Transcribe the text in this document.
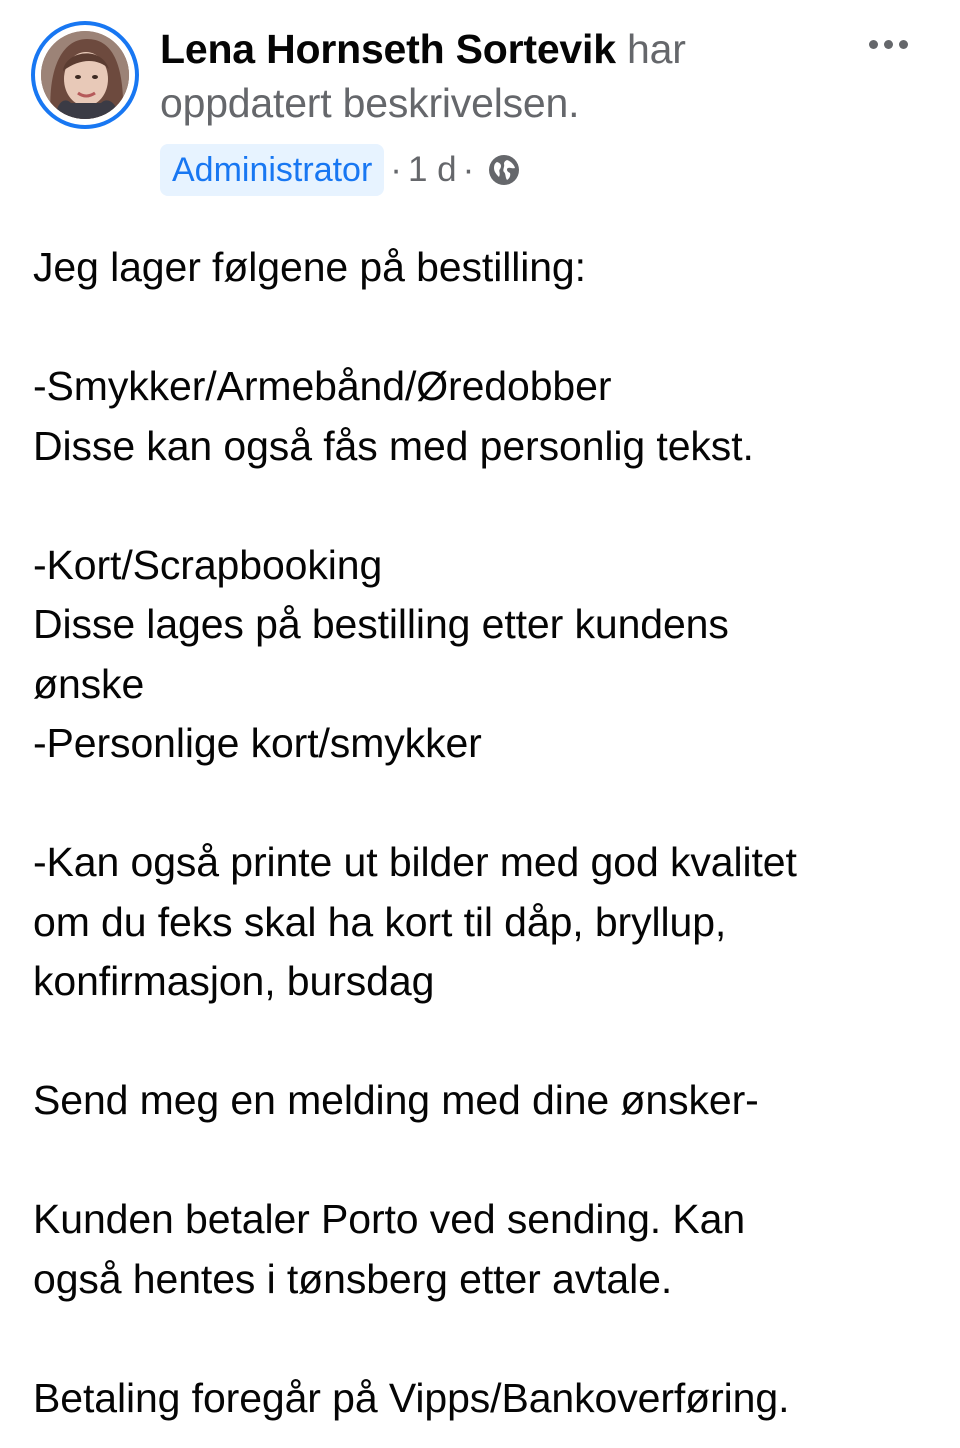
Lena Hornseth Sortevik har oppdatert beskrivelsen.
Administrator · 1 d ·
Jeg lager følgene på bestilling:
-Smykker/Armebånd/Øredobber
Disse kan også fås med personlig tekst.
-Kort/Scrapbooking
Disse lages på bestilling etter kundens
ønske
-Personlige kort/smykker
-Kan også printe ut bilder med god kvalitet
om du feks skal ha kort til dåp, bryllup,
konfirmasjon, bursdag
Send meg en melding med dine ønsker-
Kunden betaler Porto ved sending. Kan
også hentes i tønsberg etter avtale.
Betaling foregår på Vipps/Bankoverføring.
